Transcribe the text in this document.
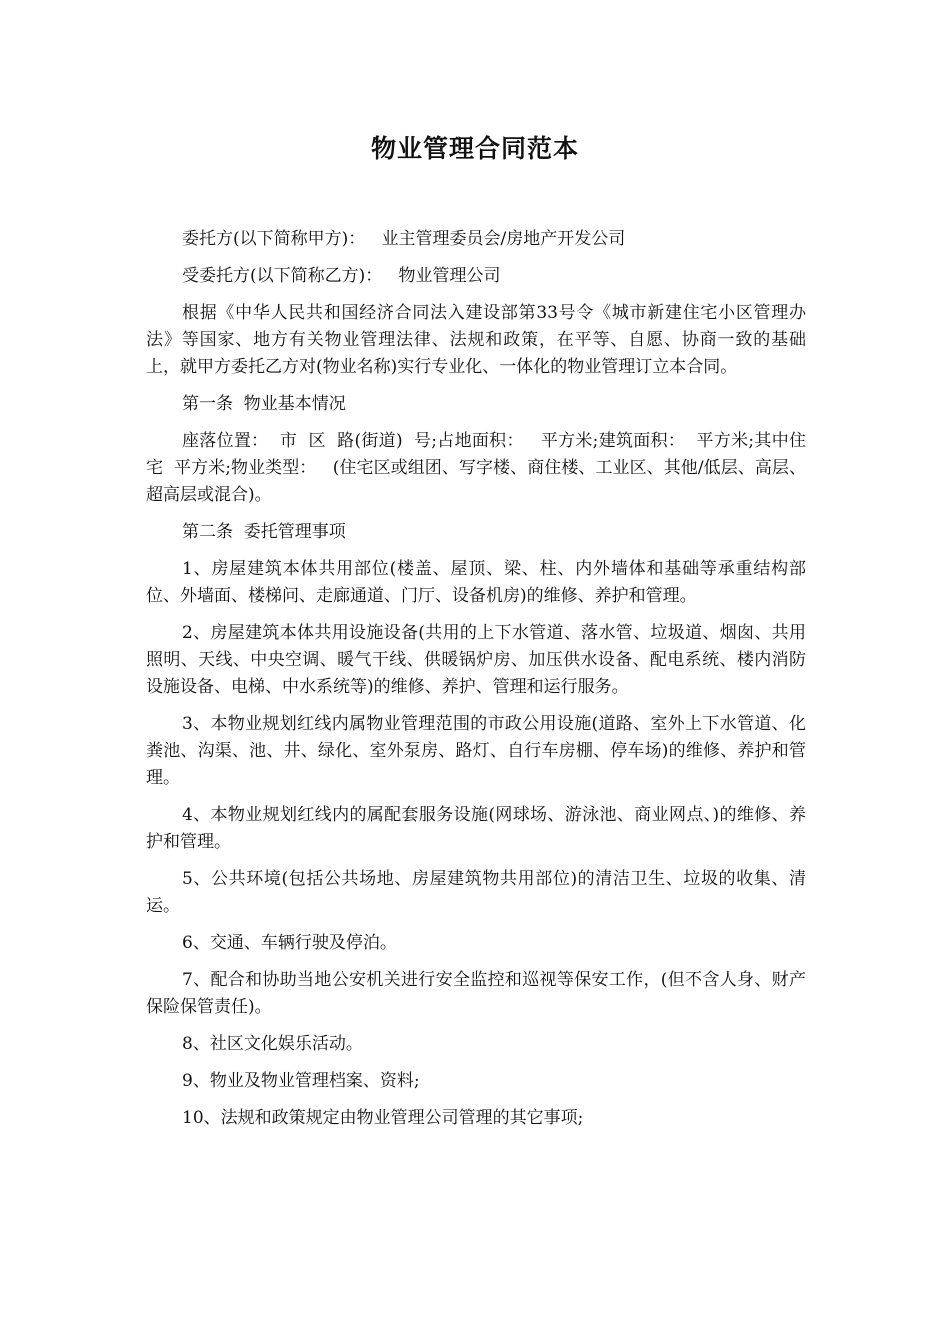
物业管理合同范本

委托方(以下简称甲方)：   业主管理委员会/房地产开发公司

受委托方(以下简称乙方)：   物业管理公司

根据《中华人民共和国经济合同法入建设部第33号令《城市新建住宅小区管理办法》等国家、地方有关物业管理法律、法规和政策，在平等、自愿、协商一致的基础上，就甲方委托乙方对(物业名称)实行专业化、一体化的物业管理订立本合同。

第一条  物业基本情况

座落位置：  市  区  路(街道)  号;占地面积：   平方米;建筑面积：  平方米;其中住宅  平方米;物业类型：   (住宅区或组团、写字楼、商住楼、工业区、其他/低层、高层、超高层或混合)。

第二条  委托管理事项

1、房屋建筑本体共用部位(楼盖、屋顶、梁、柱、内外墙体和基础等承重结构部位、外墙面、楼梯问、走廊通道、门厅、设备机房)的维修、养护和管理。

2、房屋建筑本体共用设施设备(共用的上下水管道、落水管、垃圾道、烟囱、共用照明、天线、中央空调、暖气干线、供暖锅炉房、加压供水设备、配电系统、楼内消防设施设备、电梯、中水系统等)的维修、养护、管理和运行服务。

3、本物业规划红线内属物业管理范围的市政公用设施(道路、室外上下水管道、化粪池、沟渠、池、井、绿化、室外泵房、路灯、自行车房棚、停车场)的维修、养护和管理。

4、本物业规划红线内的属配套服务设施(网球场、游泳池、商业网点、)的维修、养护和管理。

5、公共环境(包括公共场地、房屋建筑物共用部位)的清洁卫生、垃圾的收集、清运。

6、交通、车辆行驶及停泊。

7、配合和协助当地公安机关进行安全监控和巡视等保安工作，(但不含人身、财产保险保管责任)。

8、社区文化娱乐活动。

9、物业及物业管理档案、资料;

10、法规和政策规定由物业管理公司管理的其它事项;
